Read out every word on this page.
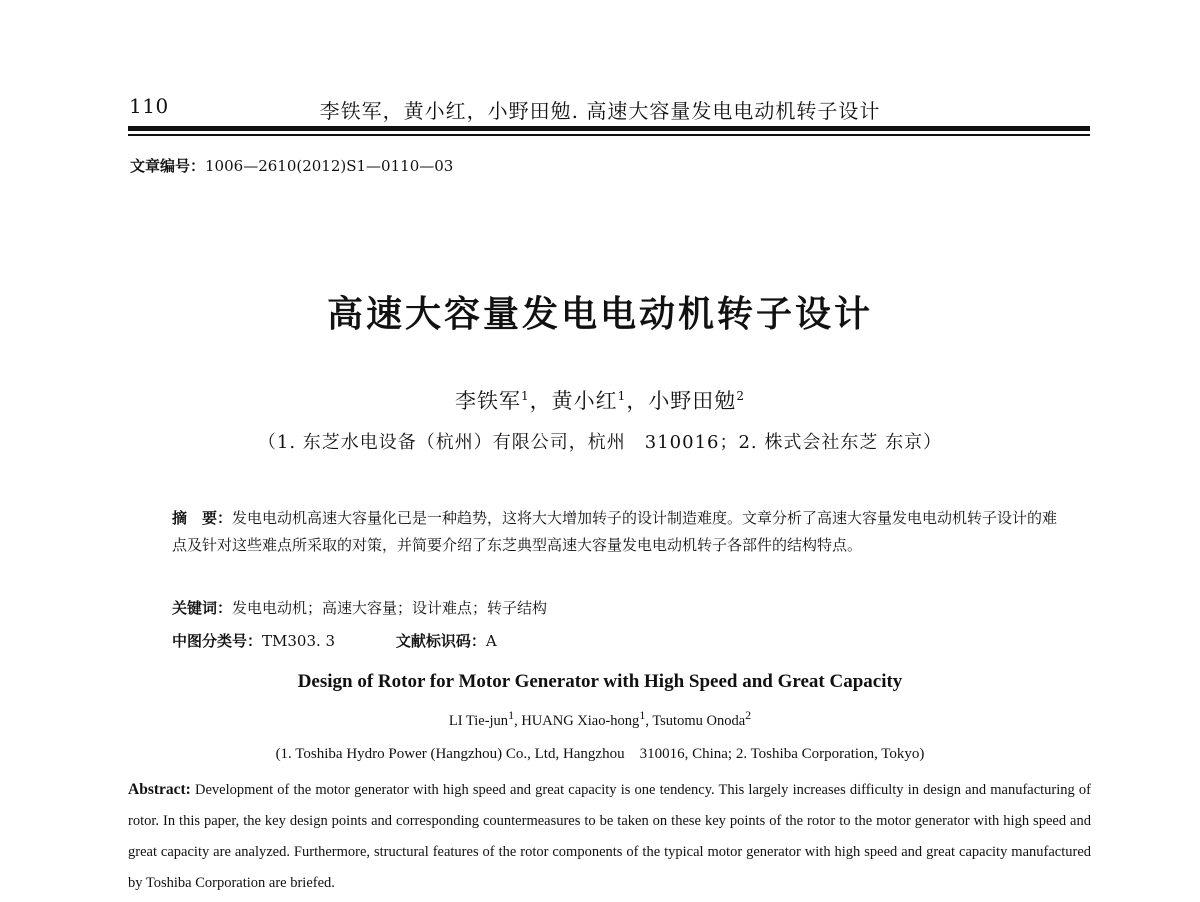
110	李铁军，黄小红，小野田勉. 高速大容量发电电动机转子设计
文章编号：1006—2610(2012)S1—0110—03
高速大容量发电电动机转子设计
李铁军$^1$，黄小红$^1$，小野田勉$^2$
（1. 东芝水电设备（杭州）有限公司，杭州　310016；2. 株式会社东芝 东京）
摘　要：发电电动机高速大容量化已是一种趋势，这将大大增加转子的设计制造难度。文章分析了高速大容量发电电动机转子设计的难点及针对这些难点所采取的对策，并简要介绍了东芝典型高速大容量发电电动机转子各部件的结构特点。
关键词：发电电动机；高速大容量；设计难点；转子结构
中图分类号：TM303. 3	文献标识码：A
Design of Rotor for Motor Generator with High Speed and Great Capacity
LI Tie-jun$^1$, HUANG Xiao-hong$^1$, Tsutomu Onoda$^2$
(1. Toshiba Hydro Power (Hangzhou) Co., Ltd, Hangzhou　310016, China; 2. Toshiba Corporation, Tokyo)
Abstract: Development of the motor generator with high speed and great capacity is one tendency. This largely increases difficulty in design and manufacturing of rotor. In this paper, the key design points and corresponding countermeasures to be taken on these key points of the rotor to the motor generator with high speed and great capacity are analyzed. Furthermore, structural features of the rotor components of the typical motor generator with high speed and great capacity manufactured by Toshiba Corporation are briefed.
